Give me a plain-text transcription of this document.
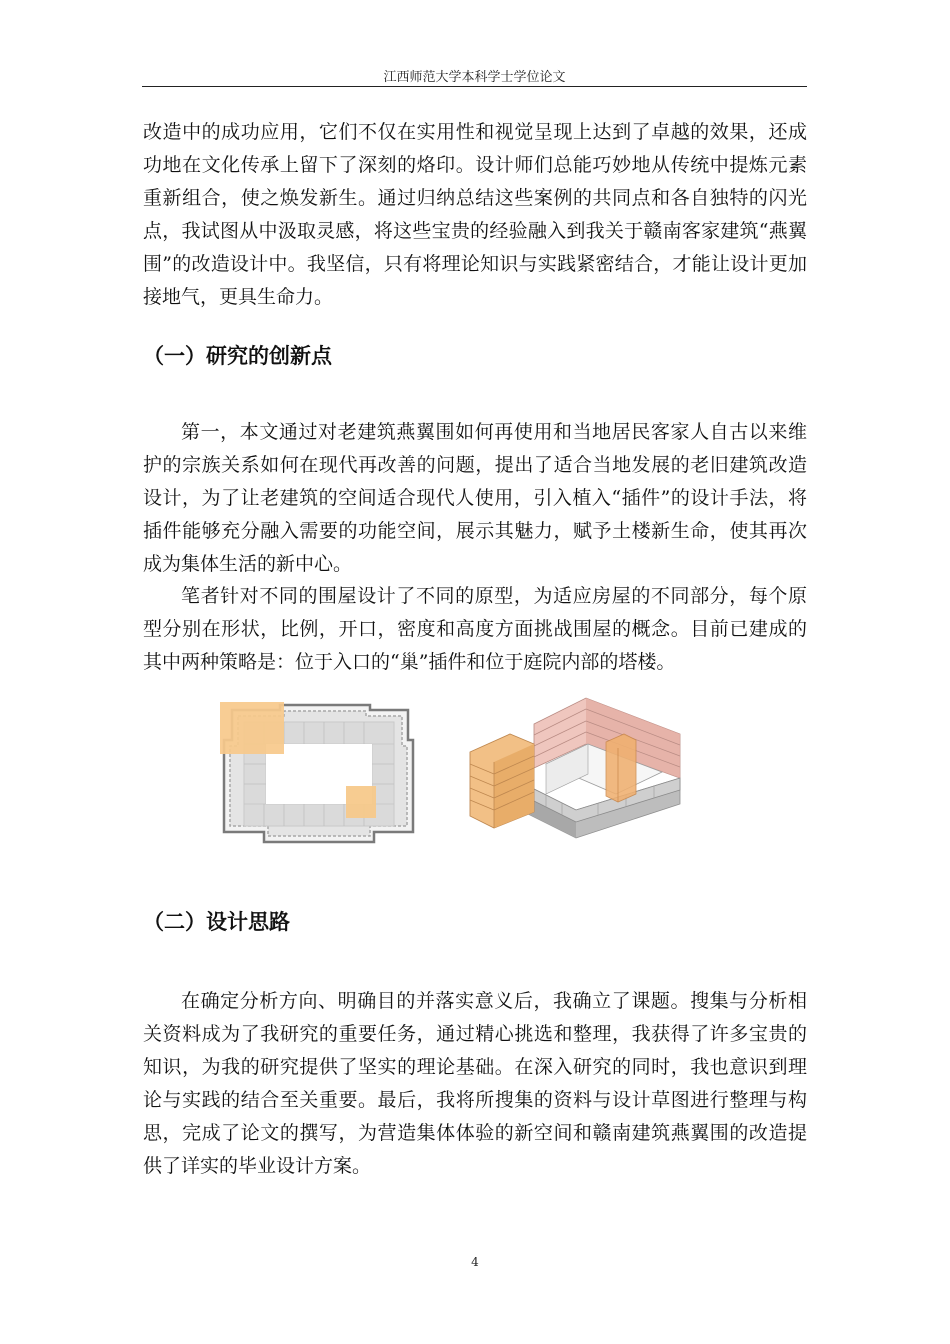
江西师范大学本科学士学位论文

改造中的成功应用，它们不仅在实用性和视觉呈现上达到了卓越的效果，还成功地在文化传承上留下了深刻的烙印。设计师们总能巧妙地从传统中提炼元素重新组合，使之焕发新生。通过归纳总结这些案例的共同点和各自独特的闪光点，我试图从中汲取灵感，将这些宝贵的经验融入到我关于赣南客家建筑“燕翼围”的改造设计中。我坚信，只有将理论知识与实践紧密结合，才能让设计更加接地气，更具生命力。

（一）研究的创新点

第一，本文通过对老建筑燕翼围如何再使用和当地居民客家人自古以来维护的宗族关系如何在现代再改善的问题，提出了适合当地发展的老旧建筑改造设计，为了让老建筑的空间适合现代人使用，引入植入“插件”的设计手法，将插件能够充分融入需要的功能空间，展示其魅力，赋予土楼新生命，使其再次成为集体生活的新中心。

笔者针对不同的围屋设计了不同的原型，为适应房屋的不同部分，每个原型分别在形状，比例，开口，密度和高度方面挑战围屋的概念。目前已建成的其中两种策略是：位于入口的“巢”插件和位于庭院内部的塔楼。

（二）设计思路

在确定分析方向、明确目的并落实意义后，我确立了课题。搜集与分析相关资料成为了我研究的重要任务，通过精心挑选和整理，我获得了许多宝贵的知识，为我的研究提供了坚实的理论基础。在深入研究的同时，我也意识到理论与实践的结合至关重要。最后，我将所搜集的资料与设计草图进行整理与构思，完成了论文的撰写，为营造集体体验的新空间和赣南建筑燕翼围的改造提供了详实的毕业设计方案。

4
